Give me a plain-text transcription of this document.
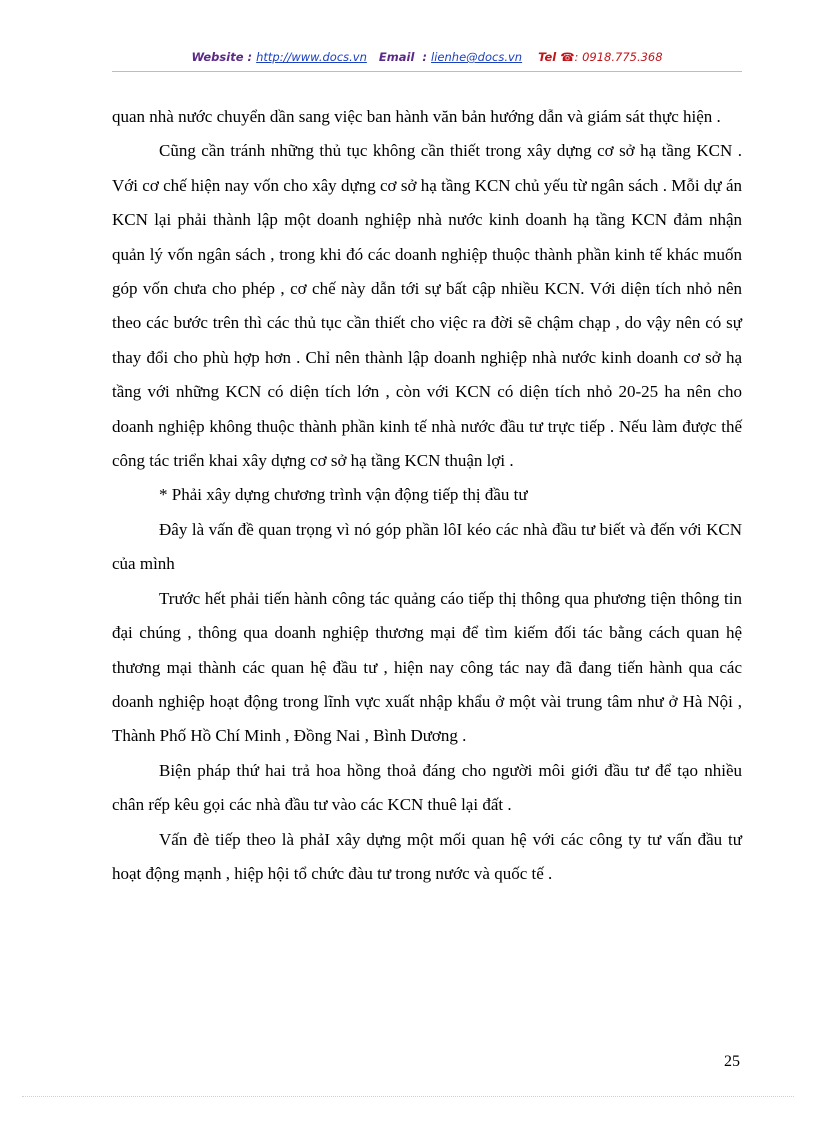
Website : http://www.docs.vn Email : lienhe@docs.vn Tel ☎: 0918.775.368

quan nhà nước chuyển dần sang việc ban hành văn bản hướng dẫn và giám sát thực hiện .

Cũng cần tránh những thủ tục không cần thiết trong xây dựng cơ sở hạ tầng KCN . Với cơ chế hiện nay vốn cho xây dựng cơ sở hạ tầng KCN chủ yếu từ ngân sách . Mỗi dự án KCN lại phải thành lập một doanh nghiệp nhà nước kinh doanh hạ tầng KCN đảm nhận quản lý vốn ngân sách , trong khi đó các doanh nghiệp thuộc thành phần kinh tế khác muốn góp vốn chưa cho phép , cơ chế này dẫn tới sự bất cập nhiều KCN. Với diện tích nhỏ nên theo các bước trên thì các thủ tục cần thiết cho việc ra đời sẽ chậm chạp , do vậy nên có sự thay đổi cho phù hợp hơn . Chỉ nên thành lập doanh nghiệp nhà nước kinh doanh cơ sở hạ tầng với những KCN có diện tích lớn , còn với KCN có diện tích nhỏ 20-25 ha nên cho doanh nghiệp không thuộc thành phần kinh tế nhà nước đầu tư trực tiếp . Nếu làm được thế công tác triển khai xây dựng cơ sở hạ tầng KCN thuận lợi .

* Phải xây dựng chương trình vận động tiếp thị đầu tư

Đây là vấn đề quan trọng vì nó góp phần lôI kéo các nhà đầu tư biết và đến với KCN của mình

Trước hết phải tiến hành công tác quảng cáo tiếp thị thông qua phương tiện thông tin đại chúng , thông qua doanh nghiệp thương mại để tìm kiếm đối tác bằng cách quan hệ thương mại thành các quan hệ đầu tư , hiện nay công tác nay đã đang tiến hành qua các doanh nghiệp hoạt động trong lĩnh vực xuất nhập khẩu ở một vài trung tâm như ở Hà Nội , Thành Phố Hồ Chí Minh , Đồng Nai , Bình Dương .

Biện pháp thứ hai trả hoa hồng thoả đáng cho người môi giới đầu tư để tạo nhiều chân rếp kêu gọi các nhà đầu tư vào các KCN thuê lại đất .

Vấn đè tiếp theo là phảI xây dựng một mối quan hệ với các công ty tư vấn đầu tư hoạt động mạnh , hiệp hội tổ chức đàu tư trong nước và quốc tế .

25
